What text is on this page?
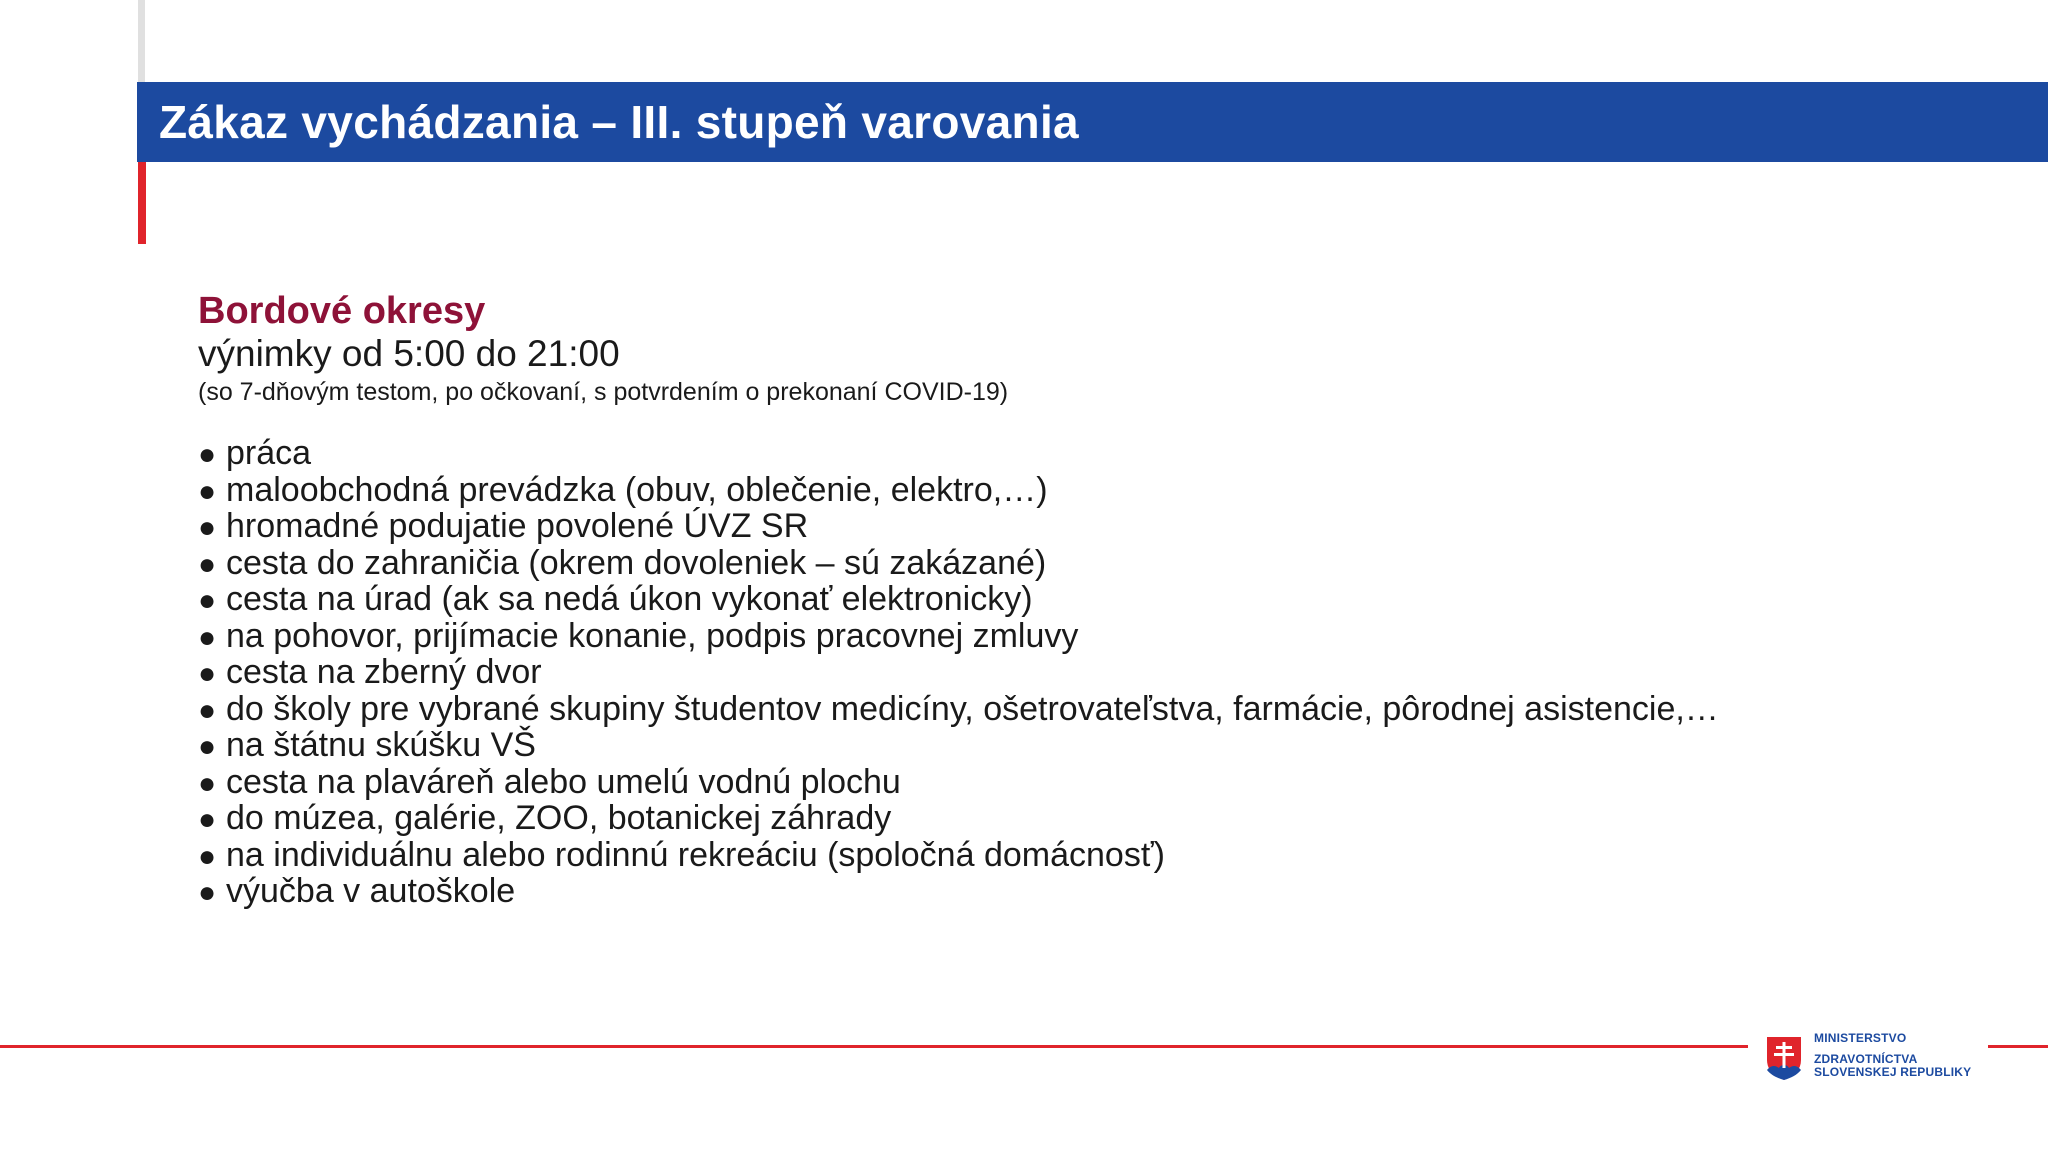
Zákaz vychádzania – III. stupeň varovania
Bordové okresy
výnimky od 5:00 do 21:00
(so 7-dňovým testom, po očkovaní, s potvrdením o prekonaní COVID-19)
● práca
● maloobchodná prevádzka (obuv, oblečenie, elektro,…)
● hromadné podujatie povolené ÚVZ SR
● cesta do zahraničia (okrem dovoleniek – sú zakázané)
● cesta na úrad (ak sa nedá úkon vykonať elektronicky)
● na pohovor, prijímacie konanie, podpis pracovnej zmluvy
● cesta na zberný dvor
● do školy pre vybrané skupiny študentov medicíny, ošetrovateľstva, farmácie, pôrodnej asistencie,…
● na štátnu skúšku VŠ
● cesta na plaváreň alebo umelú vodnú plochu
● do múzea, galérie, ZOO, botanickej záhrady
● na individuálnu alebo rodinnú rekreáciu (spoločná domácnosť)
● výučba v autoškole
MINISTERSTVO
ZDRAVOTNÍCTVA
SLOVENSKEJ REPUBLIKY
